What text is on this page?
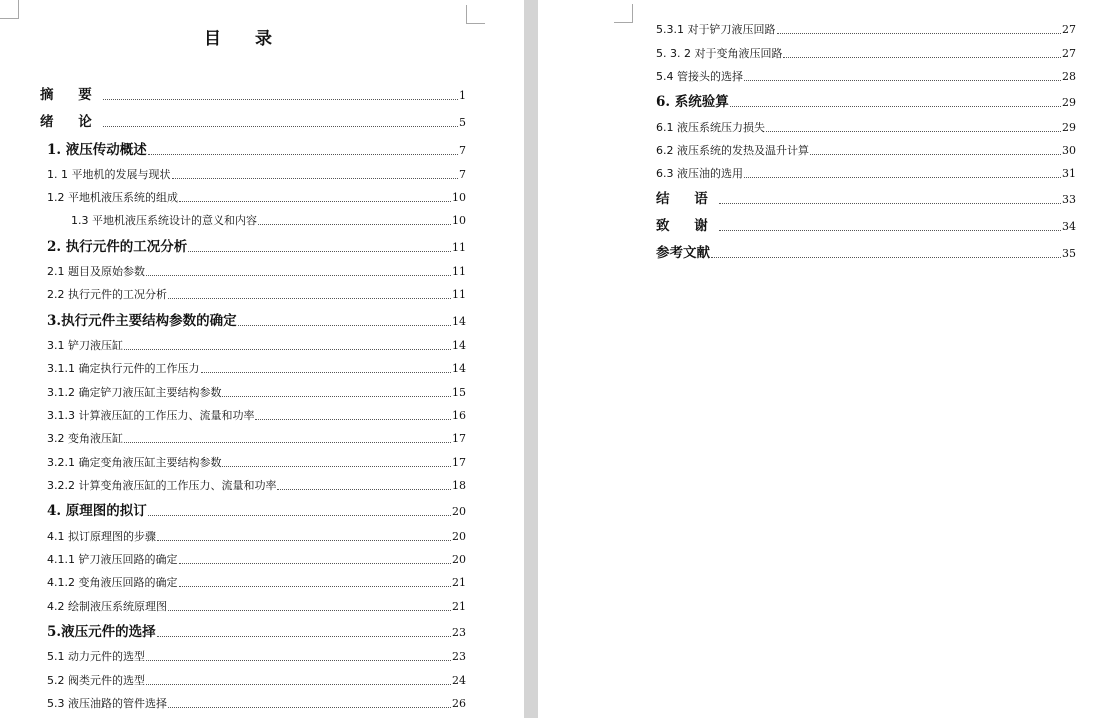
目 录
摘 要	1
绪 论	5
1. 液压传动概述	7
1. 1 平地机的发展与现状	7
1.2 平地机液压系统的组成	10
1.3 平地机液压系统设计的意义和内容	10
2. 执行元件的工况分析	11
2.1 题目及原始参数	11
2.2 执行元件的工况分析	11
3.执行元件主要结构参数的确定	14
3.1 铲刀液压缸	14
3.1.1 确定执行元件的工作压力	14
3.1.2 确定铲刀液压缸主要结构参数	15
3.1.3 计算液压缸的工作压力、流量和功率	16
3.2 变角液压缸	17
3.2.1 确定变角液压缸主要结构参数	17
3.2.2 计算变角液压缸的工作压力、流量和功率	18
4. 原理图的拟订	20
4.1 拟订原理图的步骤	20
4.1.1 铲刀液压回路的确定	20
4.1.2 变角液压回路的确定	21
4.2 绘制液压系统原理图	21
5.液压元件的选择	23
5.1 动力元件的选型	23
5.2 阀类元件的选型	24
5.3 液压油路的管件选择	26
5.3.1 对于铲刀液压回路	27
5. 3. 2 对于变角液压回路	27
5.4 管接头的选择	28
6. 系统验算	29
6.1 液压系统压力损失	29
6.2 液压系统的发热及温升计算	30
6.3 液压油的选用	31
结 语	33
致 谢	34
参考文献	35
